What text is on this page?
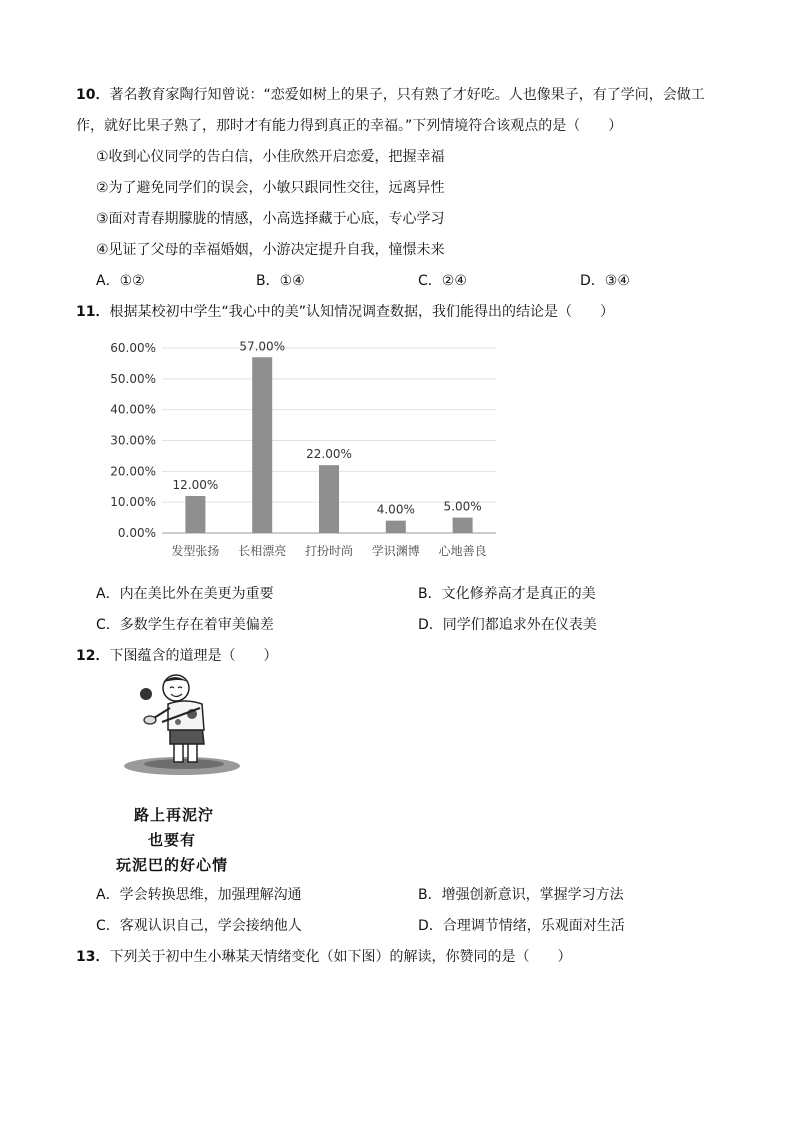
10．著名教育家陶行知曾说：“恋爱如树上的果子，只有熟了才好吃。人也像果子，有了学问，会做工
作，就好比果子熟了，那时才有能力得到真正的幸福。”下列情境符合该观点的是（　　）
①收到心仪同学的告白信，小佳欣然开启恋爱，把握幸福
②为了避免同学们的误会，小敏只跟同性交往，远离异性
③面对青春期朦胧的情感，小高选择藏于心底，专心学习
④见证了父母的幸福婚姻，小游决定提升自我，憧憬未来
A．①②	B．①④	C．②④	D．③④
11．根据某校初中学生“我心中的美”认知情况调查数据，我们能得出的结论是（　　）
0.00%
10.00%
20.00%
30.00%
40.00%
50.00%
60.00%
12.00%
57.00%
22.00%
4.00% 5.00%
发型张扬 长相漂亮 打扮时尚 学识渊博 心地善良
A．内在美比外在美更为重要	B．文化修养高才是真正的美
C．多数学生存在着审美偏差	D．同学们都追求外在仪表美
12．下图蕴含的道理是（　　）
路上再泥泞
也要有
玩泥巴的好心情
A．学会转换思维，加强理解沟通	B．增强创新意识，掌握学习方法
C．客观认识自己，学会接纳他人	D．合理调节情绪，乐观面对生活
13．下列关于初中生小琳某天情绪变化（如下图）的解读，你赞同的是（　　）
